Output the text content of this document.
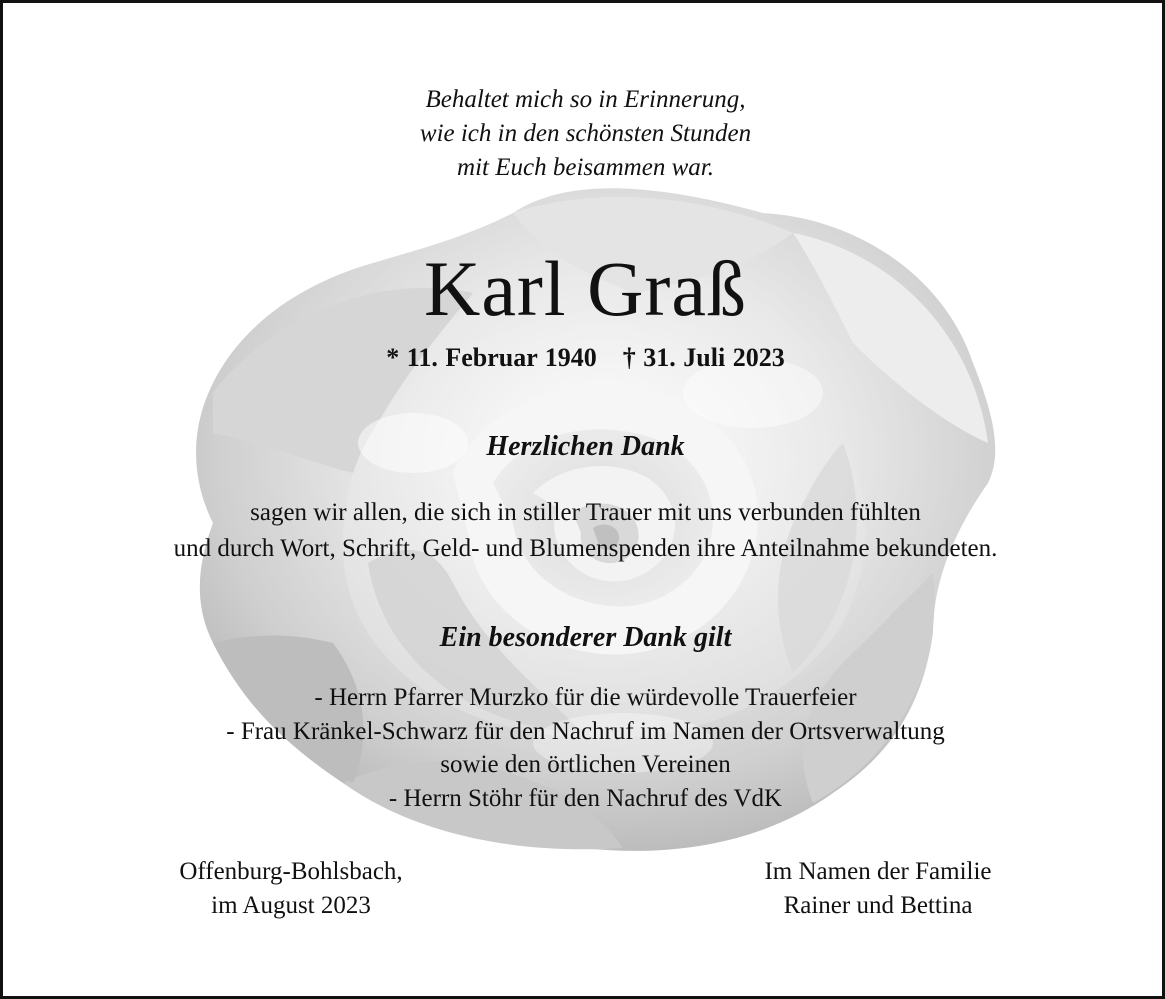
Behaltet mich so in Erinnerung,
wie ich in den schönsten Stunden
mit Euch beisammen war.
Karl Graß
* 11. Februar 1940 † 31. Juli 2023
Herzlichen Dank
sagen wir allen, die sich in stiller Trauer mit uns verbunden fühlten
und durch Wort, Schrift, Geld- und Blumenspenden ihre Anteilnahme bekundeten.
Ein besonderer Dank gilt
- Herrn Pfarrer Murzko für die würdevolle Trauerfeier
- Frau Kränkel-Schwarz für den Nachruf im Namen der Ortsverwaltung
sowie den örtlichen Vereinen
- Herrn Stöhr für den Nachruf des VdK
Offenburg-Bohlsbach,
im August 2023
Im Namen der Familie
Rainer und Bettina
